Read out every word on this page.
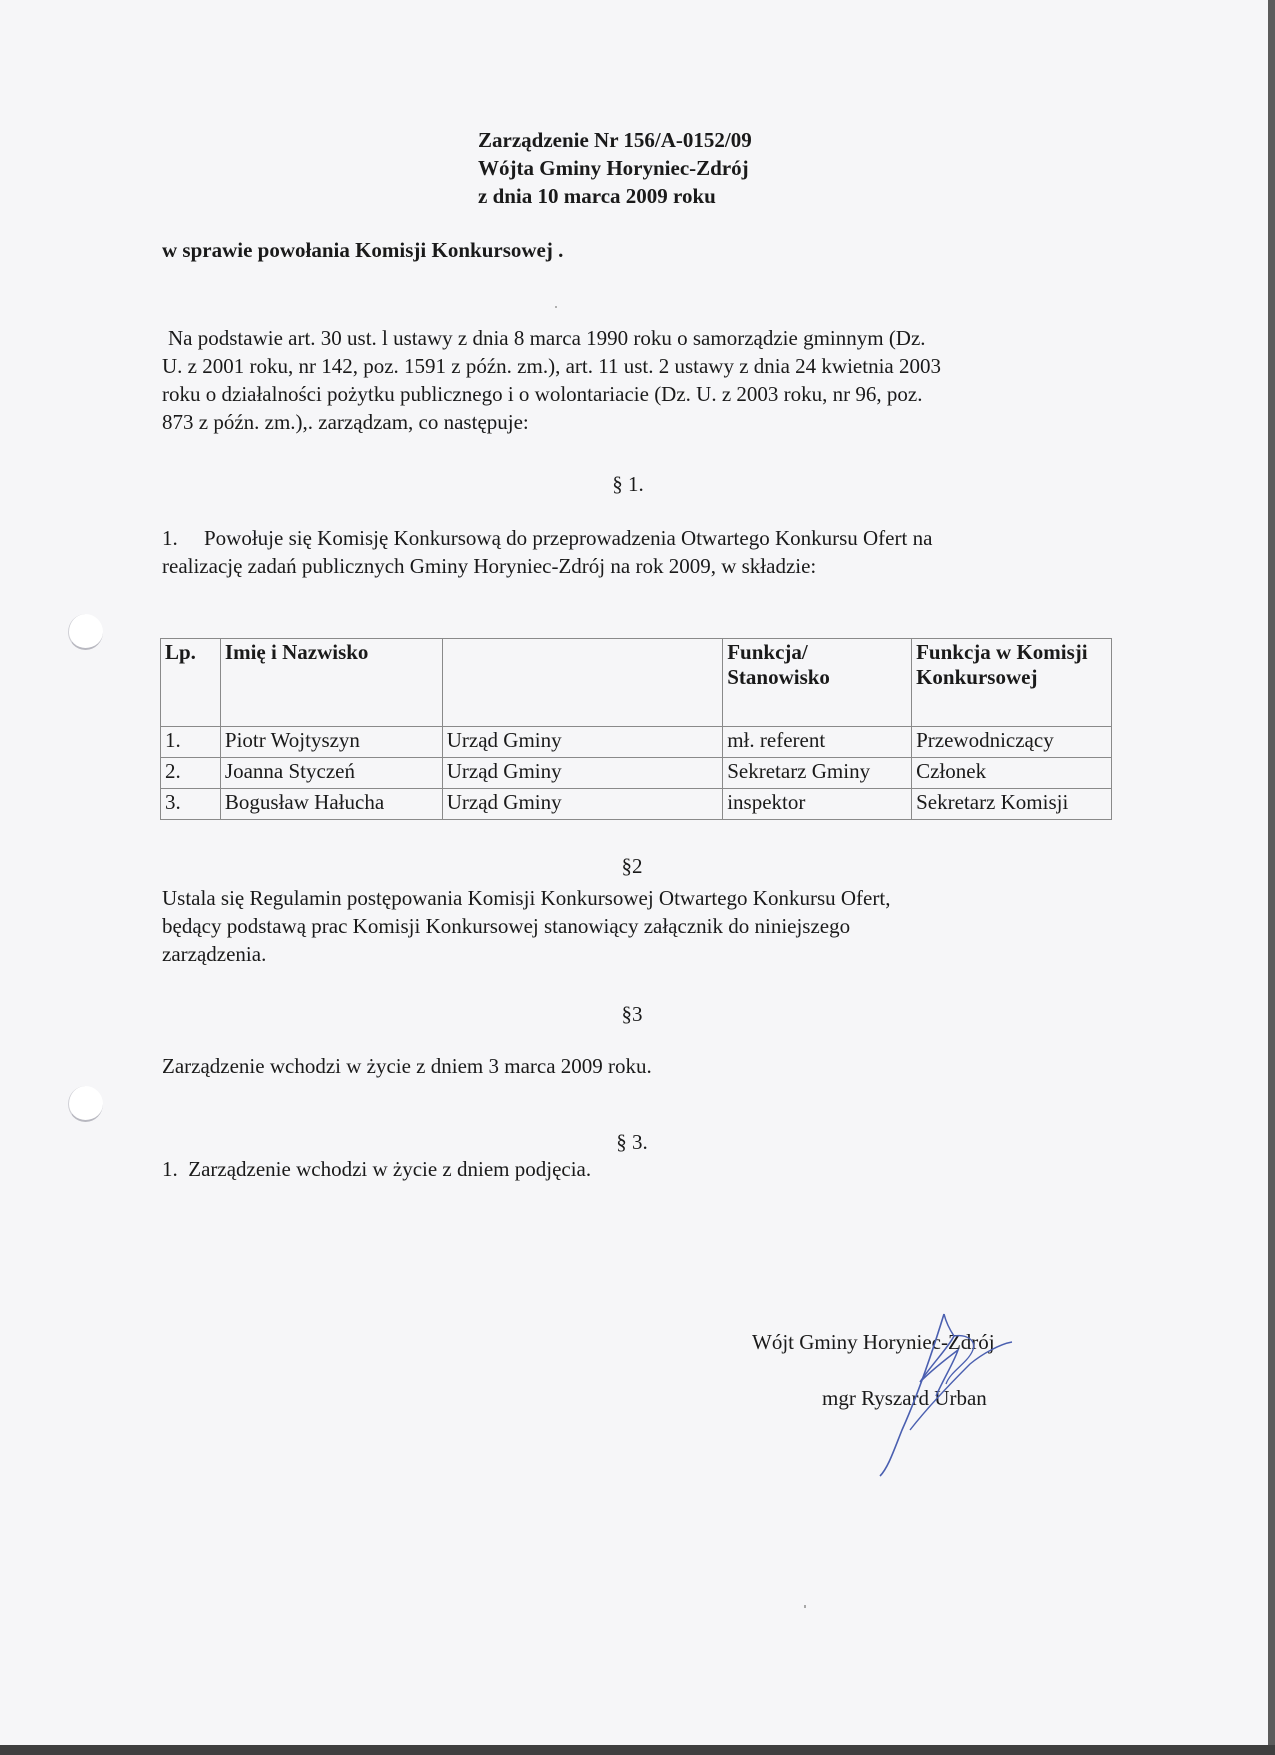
Zarządzenie Nr 156/A-0152/09
Wójta Gminy Horyniec-Zdrój
z dnia 10 marca 2009 roku
w sprawie powołania Komisji Konkursowej .
Na podstawie art. 30 ust. l ustawy z dnia 8 marca 1990 roku o samorządzie gminnym (Dz.
U. z 2001 roku, nr 142, poz. 1591 z późn. zm.), art. 11 ust. 2 ustawy z dnia 24 kwietnia 2003
roku o działalności pożytku publicznego i o wolontariacie (Dz. U. z 2003 roku, nr 96, poz.
873 z późn. zm.),. zarządzam, co następuje:
§ 1.
1.     Powołuje się Komisję Konkursową do przeprowadzenia Otwartego Konkursu Ofert na
realizację zadań publicznych Gminy Horyniec-Zdrój na rok 2009, w składzie:
Lp.	Imię i Nazwisko		Funkcja/ Stanowisko	Funkcja w Komisji Konkursowej
1.	Piotr Wojtyszyn	Urząd Gminy	mł. referent	Przewodniczący
2.	Joanna Styczeń	Urząd Gminy	Sekretarz Gminy	Członek
3.	Bogusław Hałucha	Urząd Gminy	inspektor	Sekretarz Komisji
§2
Ustala się Regulamin postępowania Komisji Konkursowej Otwartego Konkursu Ofert,
będący podstawą prac Komisji Konkursowej stanowiący załącznik do niniejszego
zarządzenia.
§3
Zarządzenie wchodzi w życie z dniem 3 marca 2009 roku.
§ 3.
1.  Zarządzenie wchodzi w życie z dniem podjęcia.
Wójt Gminy Horyniec-Zdrój
mgr Ryszard Urban
